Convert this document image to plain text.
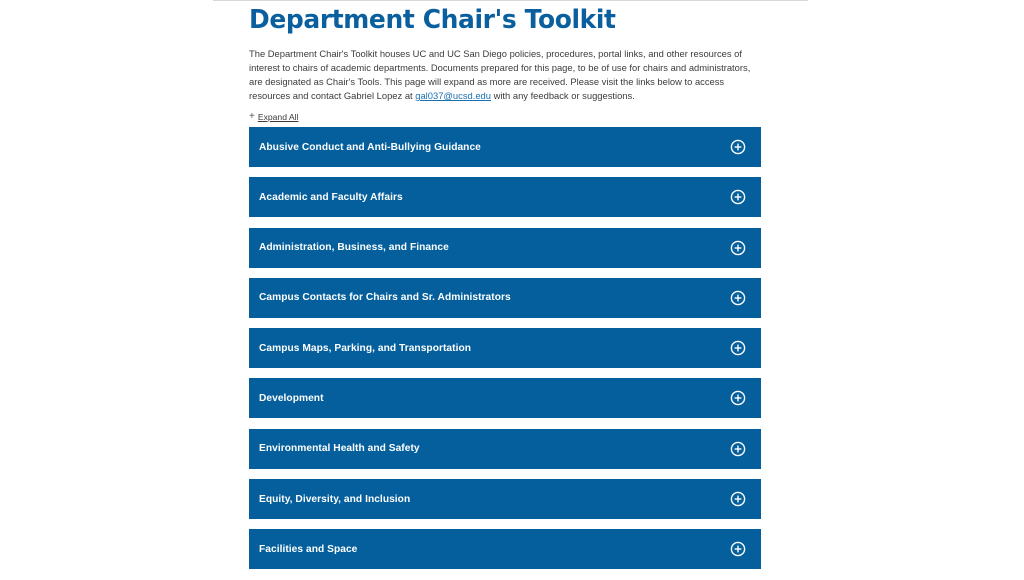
Department Chair's Toolkit

The Department Chair's Toolkit houses UC and UC San Diego policies, procedures, portal links, and other resources of
interest to chairs of academic departments. Documents prepared for this page, to be of use for chairs and administrators,
are designated as Chair's Tools. This page will expand as more are received. Please visit the links below to access
resources and contact Gabriel Lopez at gal037@ucsd.edu with any feedback or suggestions.

+ Expand All
Abusive Conduct and Anti-Bullying Guidance
Academic and Faculty Affairs
Administration, Business, and Finance
Campus Contacts for Chairs and Sr. Administrators
Campus Maps, Parking, and Transportation
Development
Environmental Health and Safety
Equity, Diversity, and Inclusion
Facilities and Space
